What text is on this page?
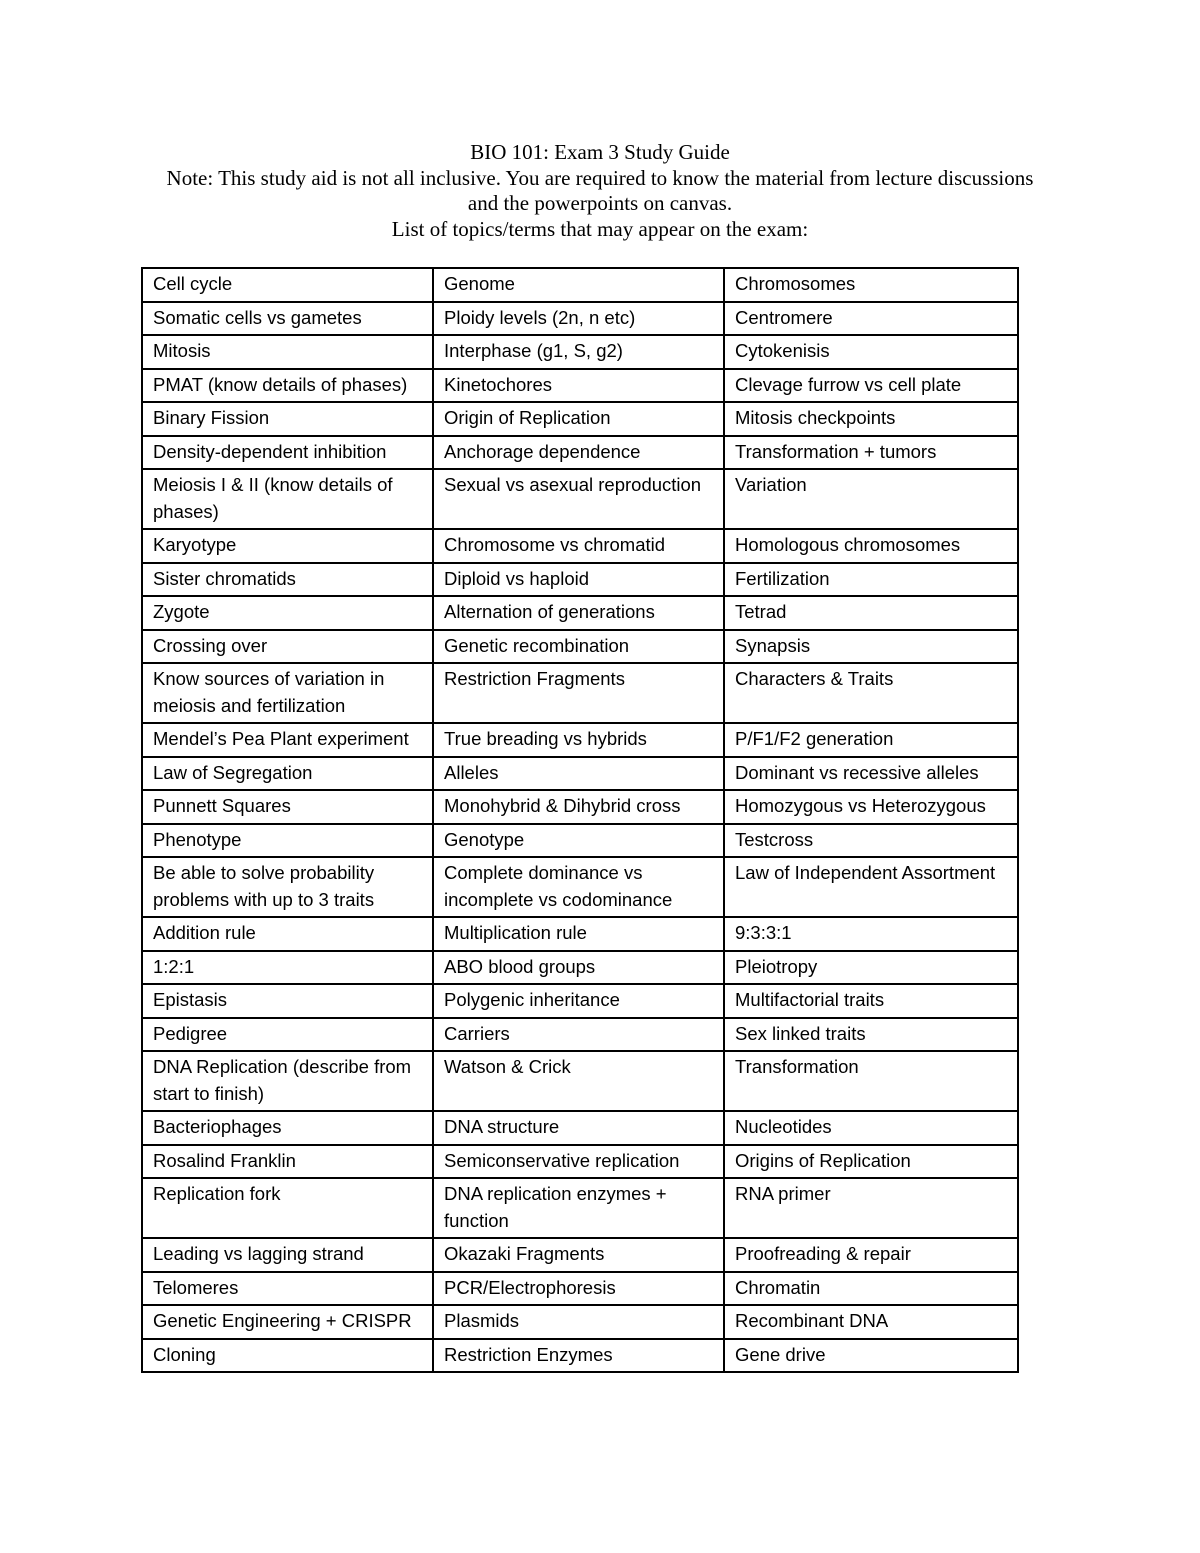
BIO 101: Exam 3 Study Guide
Note: This study aid is not all inclusive. You are required to know the material from lecture discussions
and the powerpoints on canvas.
List of topics/terms that may appear on the exam:
Cell cycle	Genome	Chromosomes
Somatic cells vs gametes	Ploidy levels (2n, n etc)	Centromere
Mitosis	Interphase (g1, S, g2)	Cytokenisis
PMAT (know details of phases)	Kinetochores	Clevage furrow vs cell plate
Binary Fission	Origin of Replication	Mitosis checkpoints
Density-dependent inhibition	Anchorage dependence	Transformation + tumors
Meiosis I & II (know details of phases)	Sexual vs asexual reproduction	Variation
Karyotype	Chromosome vs chromatid	Homologous chromosomes
Sister chromatids	Diploid vs haploid	Fertilization
Zygote	Alternation of generations	Tetrad
Crossing over	Genetic recombination	Synapsis
Know sources of variation in meiosis and fertilization	Restriction Fragments	Characters & Traits
Mendel’s Pea Plant experiment	True breading vs hybrids	P/F1/F2 generation
Law of Segregation	Alleles	Dominant vs recessive alleles
Punnett Squares	Monohybrid & Dihybrid cross	Homozygous vs Heterozygous
Phenotype	Genotype	Testcross
Be able to solve probability problems with up to 3 traits	Complete dominance vs incomplete vs codominance	Law of Independent Assortment
Addition rule	Multiplication rule	9:3:3:1
1:2:1	ABO blood groups	Pleiotropy
Epistasis	Polygenic inheritance	Multifactorial traits
Pedigree	Carriers	Sex linked traits
DNA Replication (describe from start to finish)	Watson & Crick	Transformation
Bacteriophages	DNA structure	Nucleotides
Rosalind Franklin	Semiconservative replication	Origins of Replication
Replication fork	DNA replication enzymes + function	RNA primer
Leading vs lagging strand	Okazaki Fragments	Proofreading & repair
Telomeres	PCR/Electrophoresis	Chromatin
Genetic Engineering + CRISPR	Plasmids	Recombinant DNA
Cloning	Restriction Enzymes	Gene drive
